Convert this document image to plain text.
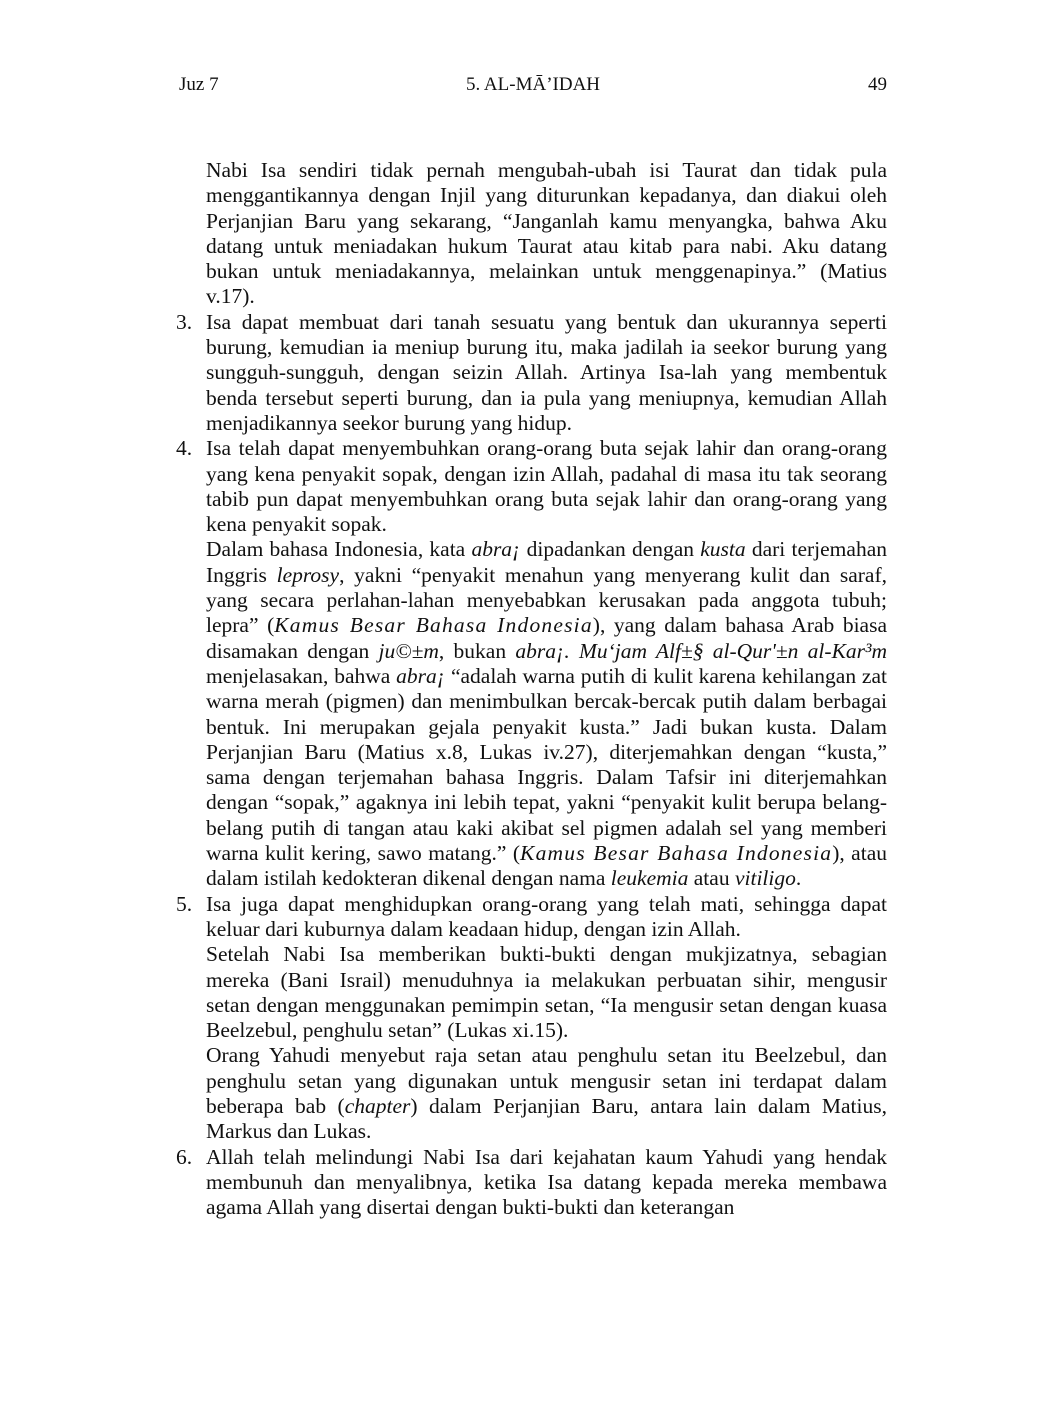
Juz 7	5. AL-MĀ’IDAH	49

Nabi Isa sendiri tidak pernah mengubah-ubah isi Taurat dan tidak pula menggantikannya dengan Injil yang diturunkan kepadanya, dan diakui oleh Perjanjian Baru yang sekarang, “Janganlah kamu menyangka, bahwa Aku datang untuk meniadakan hukum Taurat atau kitab para nabi. Aku datang bukan untuk meniadakannya, melainkan untuk menggenapinya.” (Matius v.17).

3. Isa dapat membuat dari tanah sesuatu yang bentuk dan ukurannya seperti burung, kemudian ia meniup burung itu, maka jadilah ia seekor burung yang sungguh-sungguh, dengan seizin Allah. Artinya Isa-lah yang membentuk benda tersebut seperti burung, dan ia pula yang meniupnya, kemudian Allah menjadikannya seekor burung yang hidup.

4. Isa telah dapat menyembuhkan orang-orang buta sejak lahir dan orang-orang yang kena penyakit sopak, dengan izin Allah, padahal di masa itu tak seorang tabib pun dapat menyembuhkan orang buta sejak lahir dan orang-orang yang kena penyakit sopak.

Dalam bahasa Indonesia, kata abra¡ dipadankan dengan kusta dari terjemahan Inggris leprosy, yakni “penyakit menahun yang menyerang kulit dan saraf, yang secara perlahan-lahan menyebabkan kerusakan pada anggota tubuh; lepra” (Kamus Besar Bahasa Indonesia), yang dalam bahasa Arab biasa disamakan dengan ju©±m, bukan abra¡. Mu‘jam Alf±§ al-Qur'±n al-Kar³m menjelasakan, bahwa abra¡ “adalah warna putih di kulit karena kehilangan zat warna merah (pigmen) dan menimbulkan bercak-bercak putih dalam berbagai bentuk. Ini merupakan gejala penyakit kusta.” Jadi bukan kusta. Dalam Perjanjian Baru (Matius x.8, Lukas iv.27), diterjemahkan dengan “kusta,” sama dengan terjemahan bahasa Inggris. Dalam Tafsir ini diterjemahkan dengan “sopak,” agaknya ini lebih tepat, yakni “penyakit kulit berupa belang-belang putih di tangan atau kaki akibat sel pigmen adalah sel yang memberi warna kulit kering, sawo matang.” (Kamus Besar Bahasa Indonesia), atau dalam istilah kedokteran dikenal dengan nama leukemia atau vitiligo.

5. Isa juga dapat menghidupkan orang-orang yang telah mati, sehingga dapat keluar dari kuburnya dalam keadaan hidup, dengan izin Allah.

Setelah Nabi Isa memberikan bukti-bukti dengan mukjizatnya, sebagian mereka (Bani Israil) menuduhnya ia melakukan perbuatan sihir, mengusir setan dengan menggunakan pemimpin setan, “Ia mengusir setan dengan kuasa Beelzebul, penghulu setan” (Lukas xi.15).

Orang Yahudi menyebut raja setan atau penghulu setan itu Beelzebul, dan penghulu setan yang digunakan untuk mengusir setan ini terdapat dalam beberapa bab (chapter) dalam Perjanjian Baru, antara lain dalam Matius, Markus dan Lukas.

6. Allah telah melindungi Nabi Isa dari kejahatan kaum Yahudi yang hendak membunuh dan menyalibnya, ketika Isa datang kepada mereka membawa agama Allah yang disertai dengan bukti-bukti dan keterangan
